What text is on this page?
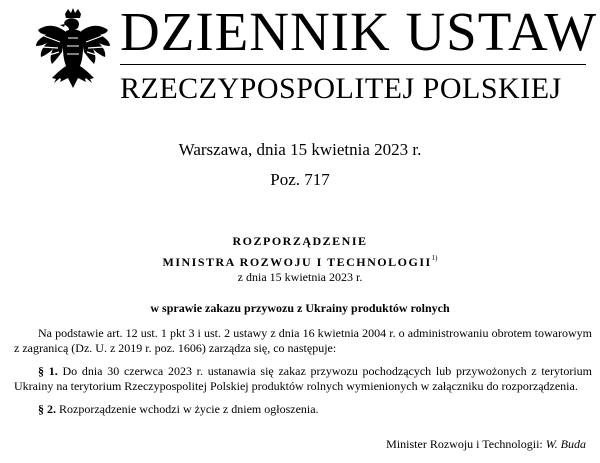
DZIENNIK USTAW
RZECZYPOSPOLITEJ POLSKIEJ
Warszawa, dnia 15 kwietnia 2023 r.
Poz. 717
ROZPORZĄDZENIE
MINISTRA ROZWOJU I TECHNOLOGII$^{1)}$
z dnia 15 kwietnia 2023 r.
w sprawie zakazu przywozu z Ukrainy produktów rolnych
Na podstawie art. 12 ust. 1 pkt 3 i ust. 2 ustawy z dnia 16 kwietnia 2004 r. o administrowaniu obrotem towarowym z zagranicą (Dz. U. z 2019 r. poz. 1606) zarządza się, co następuje:
§ 1. Do dnia 30 czerwca 2023 r. ustanawia się zakaz przywozu pochodzących lub przywożonych z terytorium Ukrainy na terytorium Rzeczypospolitej Polskiej produktów rolnych wymienionych w załączniku do rozporządzenia.
§ 2. Rozporządzenie wchodzi w życie z dniem ogłoszenia.
Minister Rozwoju i Technologii: W. Buda
